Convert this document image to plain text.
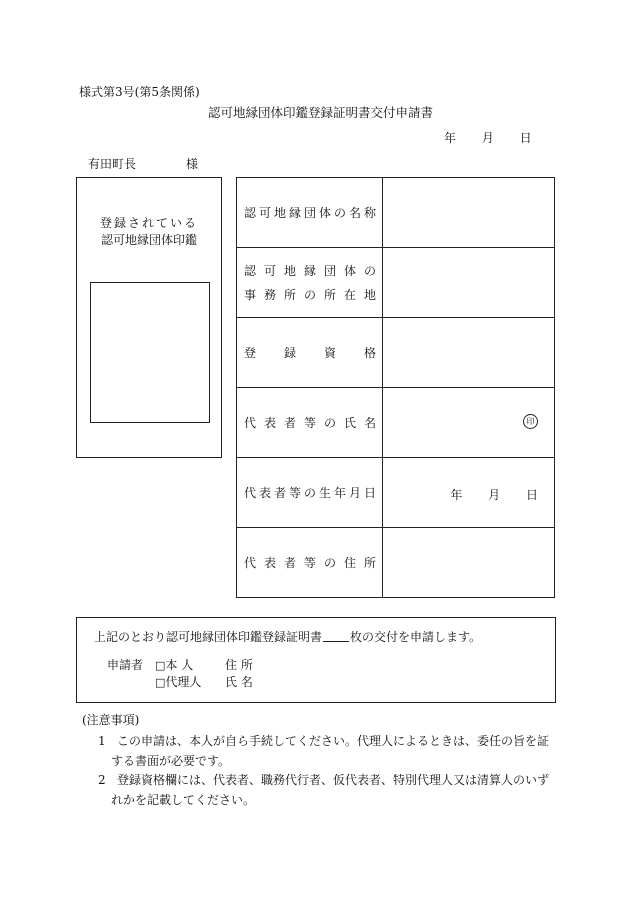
様式第3号(第5条関係)
認可地縁団体印鑑登録証明書交付申請書
年 月 日
有田町長	様
登録されている
認可地縁団体印鑑
認可地縁団体の名称	

認可地縁団体の
事務所の所在地	

登録資格	

代表者等の氏名	印

代表者等の生年月日	年 月 日

代表者等の住所	

上記のとおり認可地縁団体印鑑登録証明書 枚の交付を申請します。
申請者 □本 人	住 所
□代理人 氏 名
(注意事項)
1 この申請は、本人が自ら手続してください。代理人によるときは、委任の旨を証する書面が必要です。
2 登録資格欄には、代表者、職務代行者、仮代表者、特別代理人又は清算人のいずれかを記載してください。
